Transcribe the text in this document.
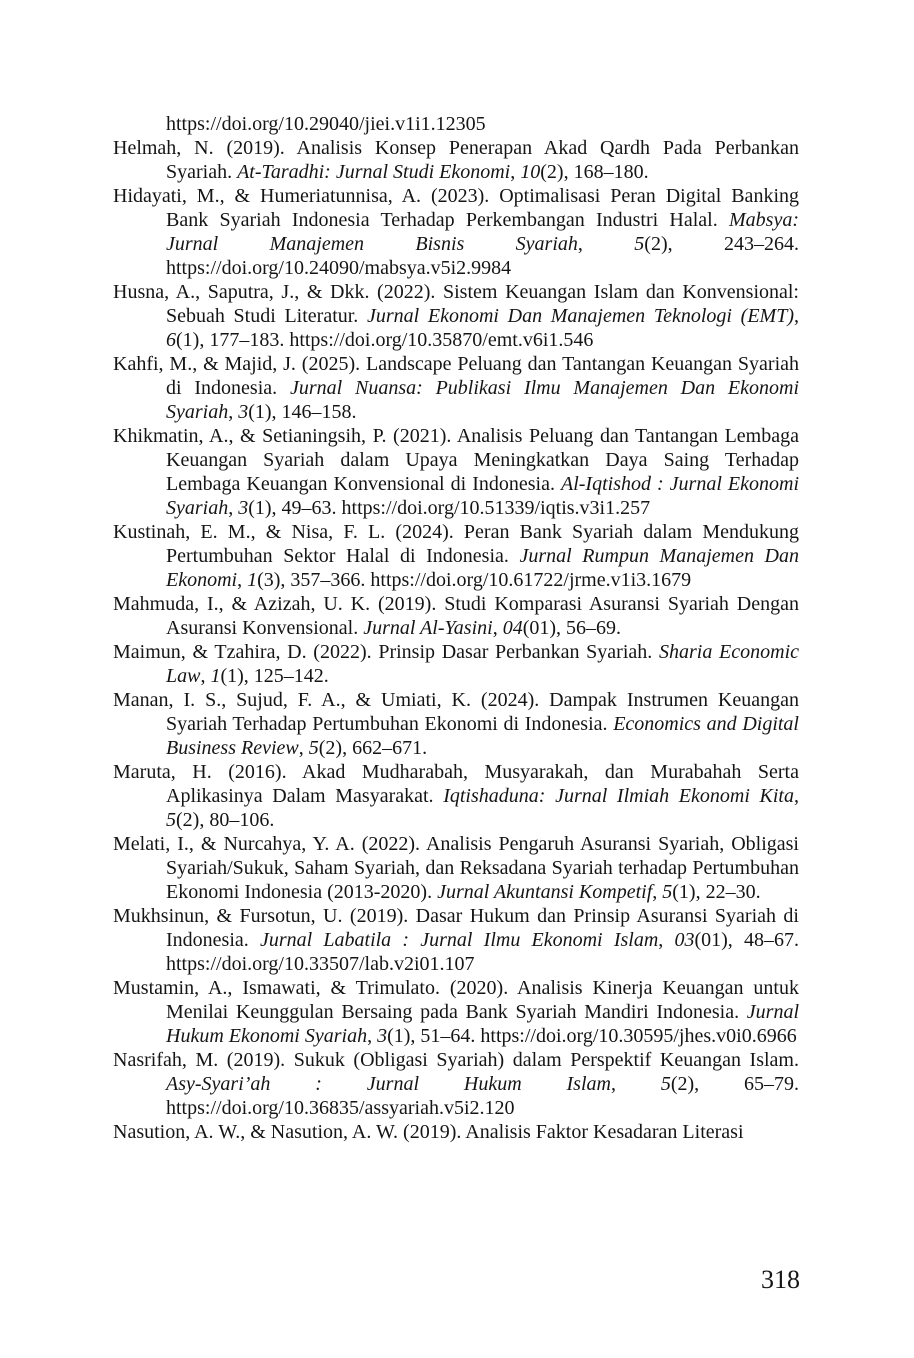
https://doi.org/10.29040/jiei.v1i1.12305

Helmah, N. (2019). Analisis Konsep Penerapan Akad Qardh Pada Perbankan Syariah. At-Taradhi: Jurnal Studi Ekonomi, 10(2), 168–180.

Hidayati, M., & Humeriatunnisa, A. (2023). Optimalisasi Peran Digital Banking Bank Syariah Indonesia Terhadap Perkembangan Industri Halal. Mabsya: Jurnal Manajemen Bisnis Syariah, 5(2), 243–264. https://doi.org/10.24090/mabsya.v5i2.9984

Husna, A., Saputra, J., & Dkk. (2022). Sistem Keuangan Islam dan Konvensional: Sebuah Studi Literatur. Jurnal Ekonomi Dan Manajemen Teknologi (EMT), 6(1), 177–183. https://doi.org/10.35870/emt.v6i1.546

Kahfi, M., & Majid, J. (2025). Landscape Peluang dan Tantangan Keuangan Syariah di Indonesia. Jurnal Nuansa: Publikasi Ilmu Manajemen Dan Ekonomi Syariah, 3(1), 146–158.

Khikmatin, A., & Setianingsih, P. (2021). Analisis Peluang dan Tantangan Lembaga Keuangan Syariah dalam Upaya Meningkatkan Daya Saing Terhadap Lembaga Keuangan Konvensional di Indonesia. Al-Iqtishod : Jurnal Ekonomi Syariah, 3(1), 49–63. https://doi.org/10.51339/iqtis.v3i1.257

Kustinah, E. M., & Nisa, F. L. (2024). Peran Bank Syariah dalam Mendukung Pertumbuhan Sektor Halal di Indonesia. Jurnal Rumpun Manajemen Dan Ekonomi, 1(3), 357–366. https://doi.org/10.61722/jrme.v1i3.1679

Mahmuda, I., & Azizah, U. K. (2019). Studi Komparasi Asuransi Syariah Dengan Asuransi Konvensional. Jurnal Al-Yasini, 04(01), 56–69.

Maimun, & Tzahira, D. (2022). Prinsip Dasar Perbankan Syariah. Sharia Economic Law, 1(1), 125–142.

Manan, I. S., Sujud, F. A., & Umiati, K. (2024). Dampak Instrumen Keuangan Syariah Terhadap Pertumbuhan Ekonomi di Indonesia. Economics and Digital Business Review, 5(2), 662–671.

Maruta, H. (2016). Akad Mudharabah, Musyarakah, dan Murabahah Serta Aplikasinya Dalam Masyarakat. Iqtishaduna: Jurnal Ilmiah Ekonomi Kita, 5(2), 80–106.

Melati, I., & Nurcahya, Y. A. (2022). Analisis Pengaruh Asuransi Syariah, Obligasi Syariah/Sukuk, Saham Syariah, dan Reksadana Syariah terhadap Pertumbuhan Ekonomi Indonesia (2013-2020). Jurnal Akuntansi Kompetif, 5(1), 22–30.

Mukhsinun, & Fursotun, U. (2019). Dasar Hukum dan Prinsip Asuransi Syariah di Indonesia. Jurnal Labatila : Jurnal Ilmu Ekonomi Islam, 03(01), 48–67. https://doi.org/10.33507/lab.v2i01.107

Mustamin, A., Ismawati, & Trimulato. (2020). Analisis Kinerja Keuangan untuk Menilai Keunggulan Bersaing pada Bank Syariah Mandiri Indonesia. Jurnal Hukum Ekonomi Syariah, 3(1), 51–64. https://doi.org/10.30595/jhes.v0i0.6966

Nasrifah, M. (2019). Sukuk (Obligasi Syariah) dalam Perspektif Keuangan Islam. Asy-Syari’ah : Jurnal Hukum Islam, 5(2), 65–79. https://doi.org/10.36835/assyariah.v5i2.120

Nasution, A. W., & Nasution, A. W. (2019). Analisis Faktor Kesadaran Literasi

318
